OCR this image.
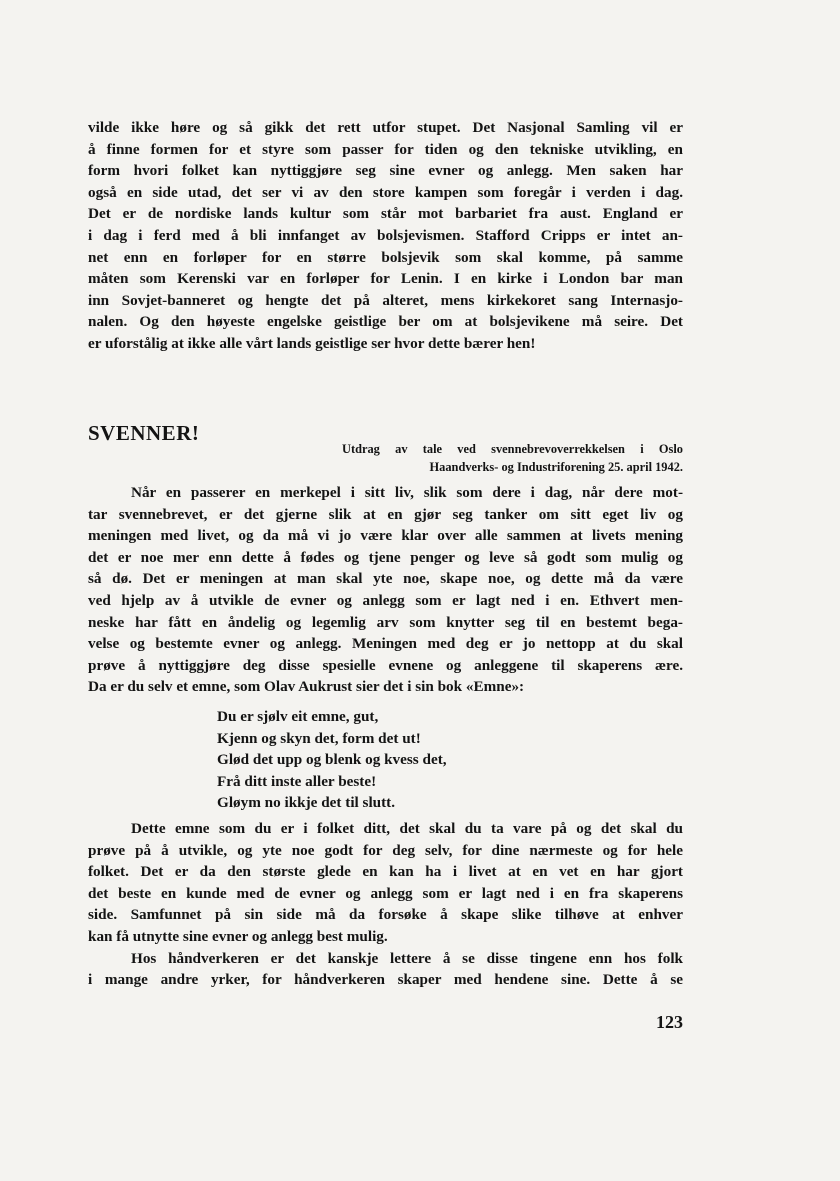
vilde ikke høre og så gikk det rett utfor stupet. Det Nasjonal Samling vil er
å finne formen for et styre som passer for tiden og den tekniske utvikling, en
form hvori folket kan nyttiggjøre seg sine evner og anlegg. Men saken har
også en side utad, det ser vi av den store kampen som foregår i verden i dag.
Det er de nordiske lands kultur som står mot barbariet fra aust. England er
i dag i ferd med å bli innfanget av bolsjevismen. Stafford Cripps er intet an-
net enn en forløper for en større bolsjevik som skal komme, på samme
måten som Kerenski var en forløper for Lenin. I en kirke i London bar man
inn Sovjet-banneret og hengte det på alteret, mens kirkekoret sang Internasjo-
nalen. Og den høyeste engelske geistlige ber om at bolsjevikene må seire. Det
er uforstålig at ikke alle vårt lands geistlige ser hvor dette bærer hen!
SVENNER!
Utdrag av tale ved svennebrevoverrekkelsen i Oslo
Haandverks- og Industriforening 25. april 1942.
Når en passerer en merkepel i sitt liv, slik som dere i dag, når dere mot-
tar svennebrevet, er det gjerne slik at en gjør seg tanker om sitt eget liv og
meningen med livet, og da må vi jo være klar over alle sammen at livets mening
det er noe mer enn dette å fødes og tjene penger og leve så godt som mulig og
så dø. Det er meningen at man skal yte noe, skape noe, og dette må da være
ved hjelp av å utvikle de evner og anlegg som er lagt ned i en. Ethvert men-
neske har fått en åndelig og legemlig arv som knytter seg til en bestemt bega-
velse og bestemte evner og anlegg. Meningen med deg er jo nettopp at du skal
prøve å nyttiggjøre deg disse spesielle evnene og anleggene til skaperens ære.
Da er du selv et emne, som Olav Aukrust sier det i sin bok «Emne»:
Du er sjølv eit emne, gut,
Kjenn og skyn det, form det ut!
Glød det upp og blenk og kvess det,
Frå ditt inste aller beste!
Gløym no ikkje det til slutt.
Dette emne som du er i folket ditt, det skal du ta vare på og det skal du
prøve på å utvikle, og yte noe godt for deg selv, for dine nærmeste og for hele
folket. Det er da den største glede en kan ha i livet at en vet en har gjort
det beste en kunde med de evner og anlegg som er lagt ned i en fra skaperens
side. Samfunnet på sin side må da forsøke å skape slike tilhøve at enhver
kan få utnytte sine evner og anlegg best mulig.
Hos håndverkeren er det kanskje lettere å se disse tingene enn hos folk
i mange andre yrker, for håndverkeren skaper med hendene sine. Dette å se
123
